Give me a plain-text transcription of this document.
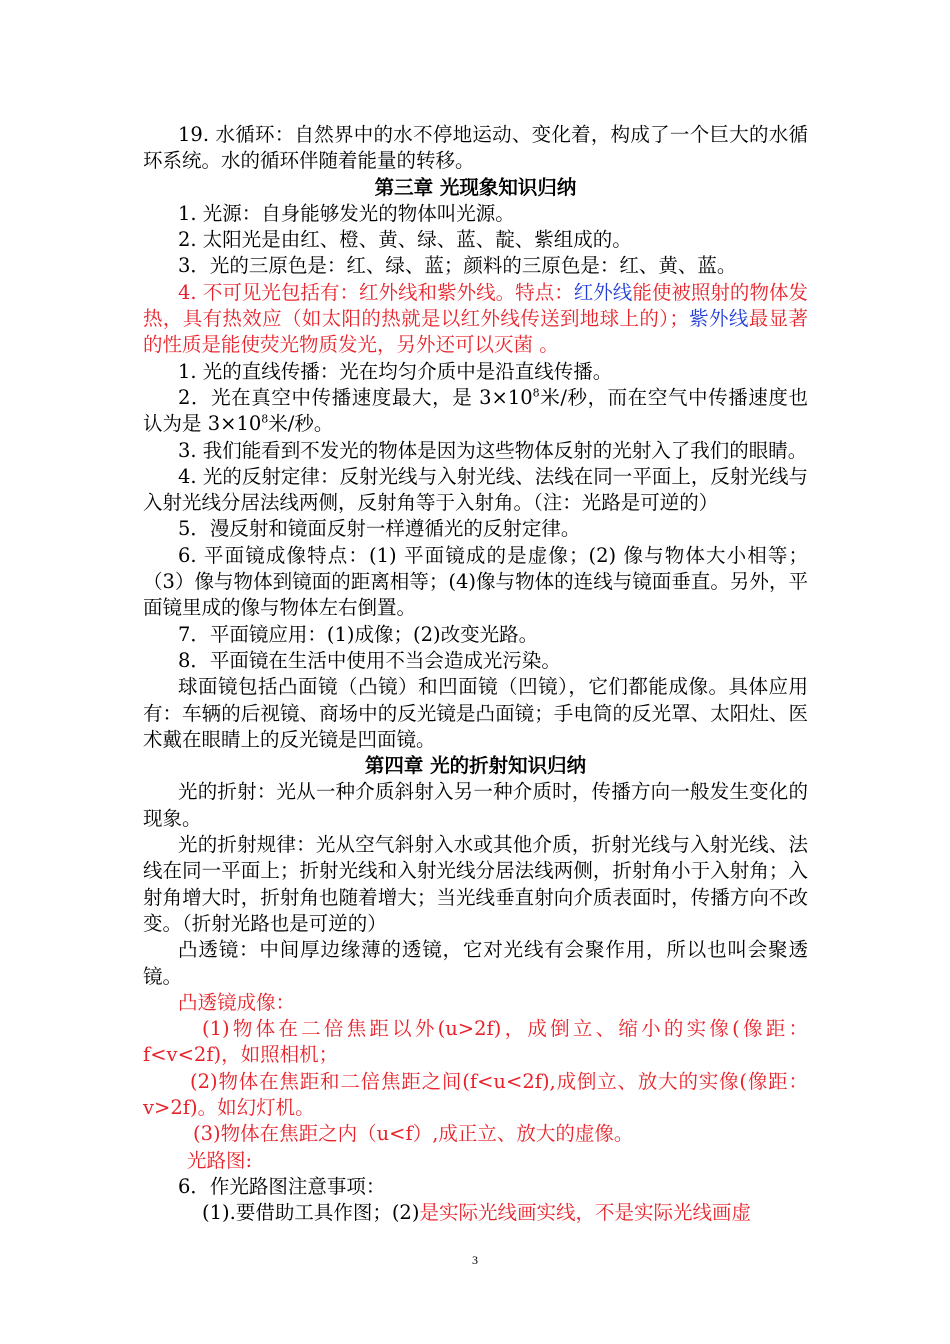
19. 水循环：自然界中的水不停地运动、变化着，构成了一个巨大的水循环系统。水的循环伴随着能量的转移。

第三章 光现象知识归纳

1. 光源：自身能够发光的物体叫光源。

2. 太阳光是由红、橙、黄、绿、蓝、靛、紫组成的。

3．光的三原色是：红、绿、蓝；颜料的三原色是：红、黄、蓝。

4. 不可见光包括有：红外线和紫外线。特点：红外线能使被照射的物体发热，具有热效应（如太阳的热就是以红外线传送到地球上的）；紫外线最显著的性质是能使荧光物质发光，另外还可以灭菌 。

1. 光的直线传播：光在均匀介质中是沿直线传播。

2．光在真空中传播速度最大，是 $3\times 10^8$米/秒，而在空气中传播速度也认为是 $3\times 10^8$米/秒。

3. 我们能看到不发光的物体是因为这些物体反射的光射入了我们的眼睛。

4. 光的反射定律：反射光线与入射光线、法线在同一平面上，反射光线与入射光线分居法线两侧，反射角等于入射角。（注：光路是可逆的）

5．漫反射和镜面反射一样遵循光的反射定律。

6. 平面镜成像特点：(1) 平面镜成的是虚像；(2) 像与物体大小相等；（3）像与物体到镜面的距离相等；(4)像与物体的连线与镜面垂直。另外，平面镜里成的像与物体左右倒置。

7．平面镜应用：(1)成像；(2)改变光路。

8．平面镜在生活中使用不当会造成光污染。

球面镜包括凸面镜（凸镜）和凹面镜（凹镜），它们都能成像。具体应用有：车辆的后视镜、商场中的反光镜是凸面镜；手电筒的反光罩、太阳灶、医术戴在眼睛上的反光镜是凹面镜。

第四章 光的折射知识归纳

光的折射：光从一种介质斜射入另一种介质时，传播方向一般发生变化的现象。

光的折射规律：光从空气斜射入水或其他介质，折射光线与入射光线、法线在同一平面上；折射光线和入射光线分居法线两侧，折射角小于入射角；入射角增大时，折射角也随着增大；当光线垂直射向介质表面时，传播方向不改变。（折射光路也是可逆的）

凸透镜：中间厚边缘薄的透镜，它对光线有会聚作用，所以也叫会聚透镜。

凸透镜成像：

(1)物体在二倍焦距以外(u>2f)，成倒立、缩小的实像(像距：f<v<2f)，如照相机；

(2)物体在焦距和二倍焦距之间(f<u<2f),成倒立、放大的实像(像距：v>2f)。如幻灯机。

(3)物体在焦距之内（u<f）,成正立、放大的虚像。

光路图:

6．作光路图注意事项：

(1).要借助工具作图；(2)是实际光线画实线，不是实际光线画虚

3
